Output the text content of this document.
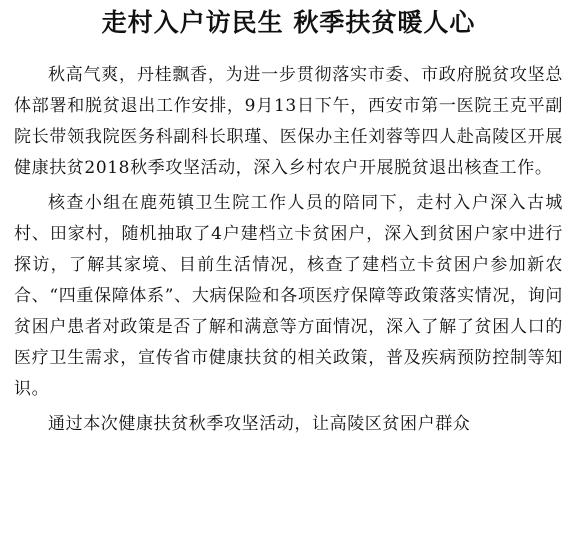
走村入户访民生 秋季扶贫暖人心

秋高气爽，丹桂飘香，为进一步贯彻落实市委、市政府脱贫攻坚总体部署和脱贫退出工作安排，9月13日下午，西安市第一医院王克平副院长带领我院医务科副科长职瑾、医保办主任刘蓉等四人赴高陵区开展健康扶贫2018秋季攻坚活动，深入乡村农户开展脱贫退出核查工作。

核查小组在鹿苑镇卫生院工作人员的陪同下，走村入户深入古城村、田家村，随机抽取了4户建档立卡贫困户，深入到贫困户家中进行探访，了解其家境、目前生活情况，核查了建档立卡贫困户参加新农合、“四重保障体系”、大病保险和各项医疗保障等政策落实情况，询问贫困户患者对政策是否了解和满意等方面情况，深入了解了贫困人口的医疗卫生需求，宣传省市健康扶贫的相关政策，普及疾病预防控制等知识。

通过本次健康扶贫秋季攻坚活动，让高陵区贫困户群众
